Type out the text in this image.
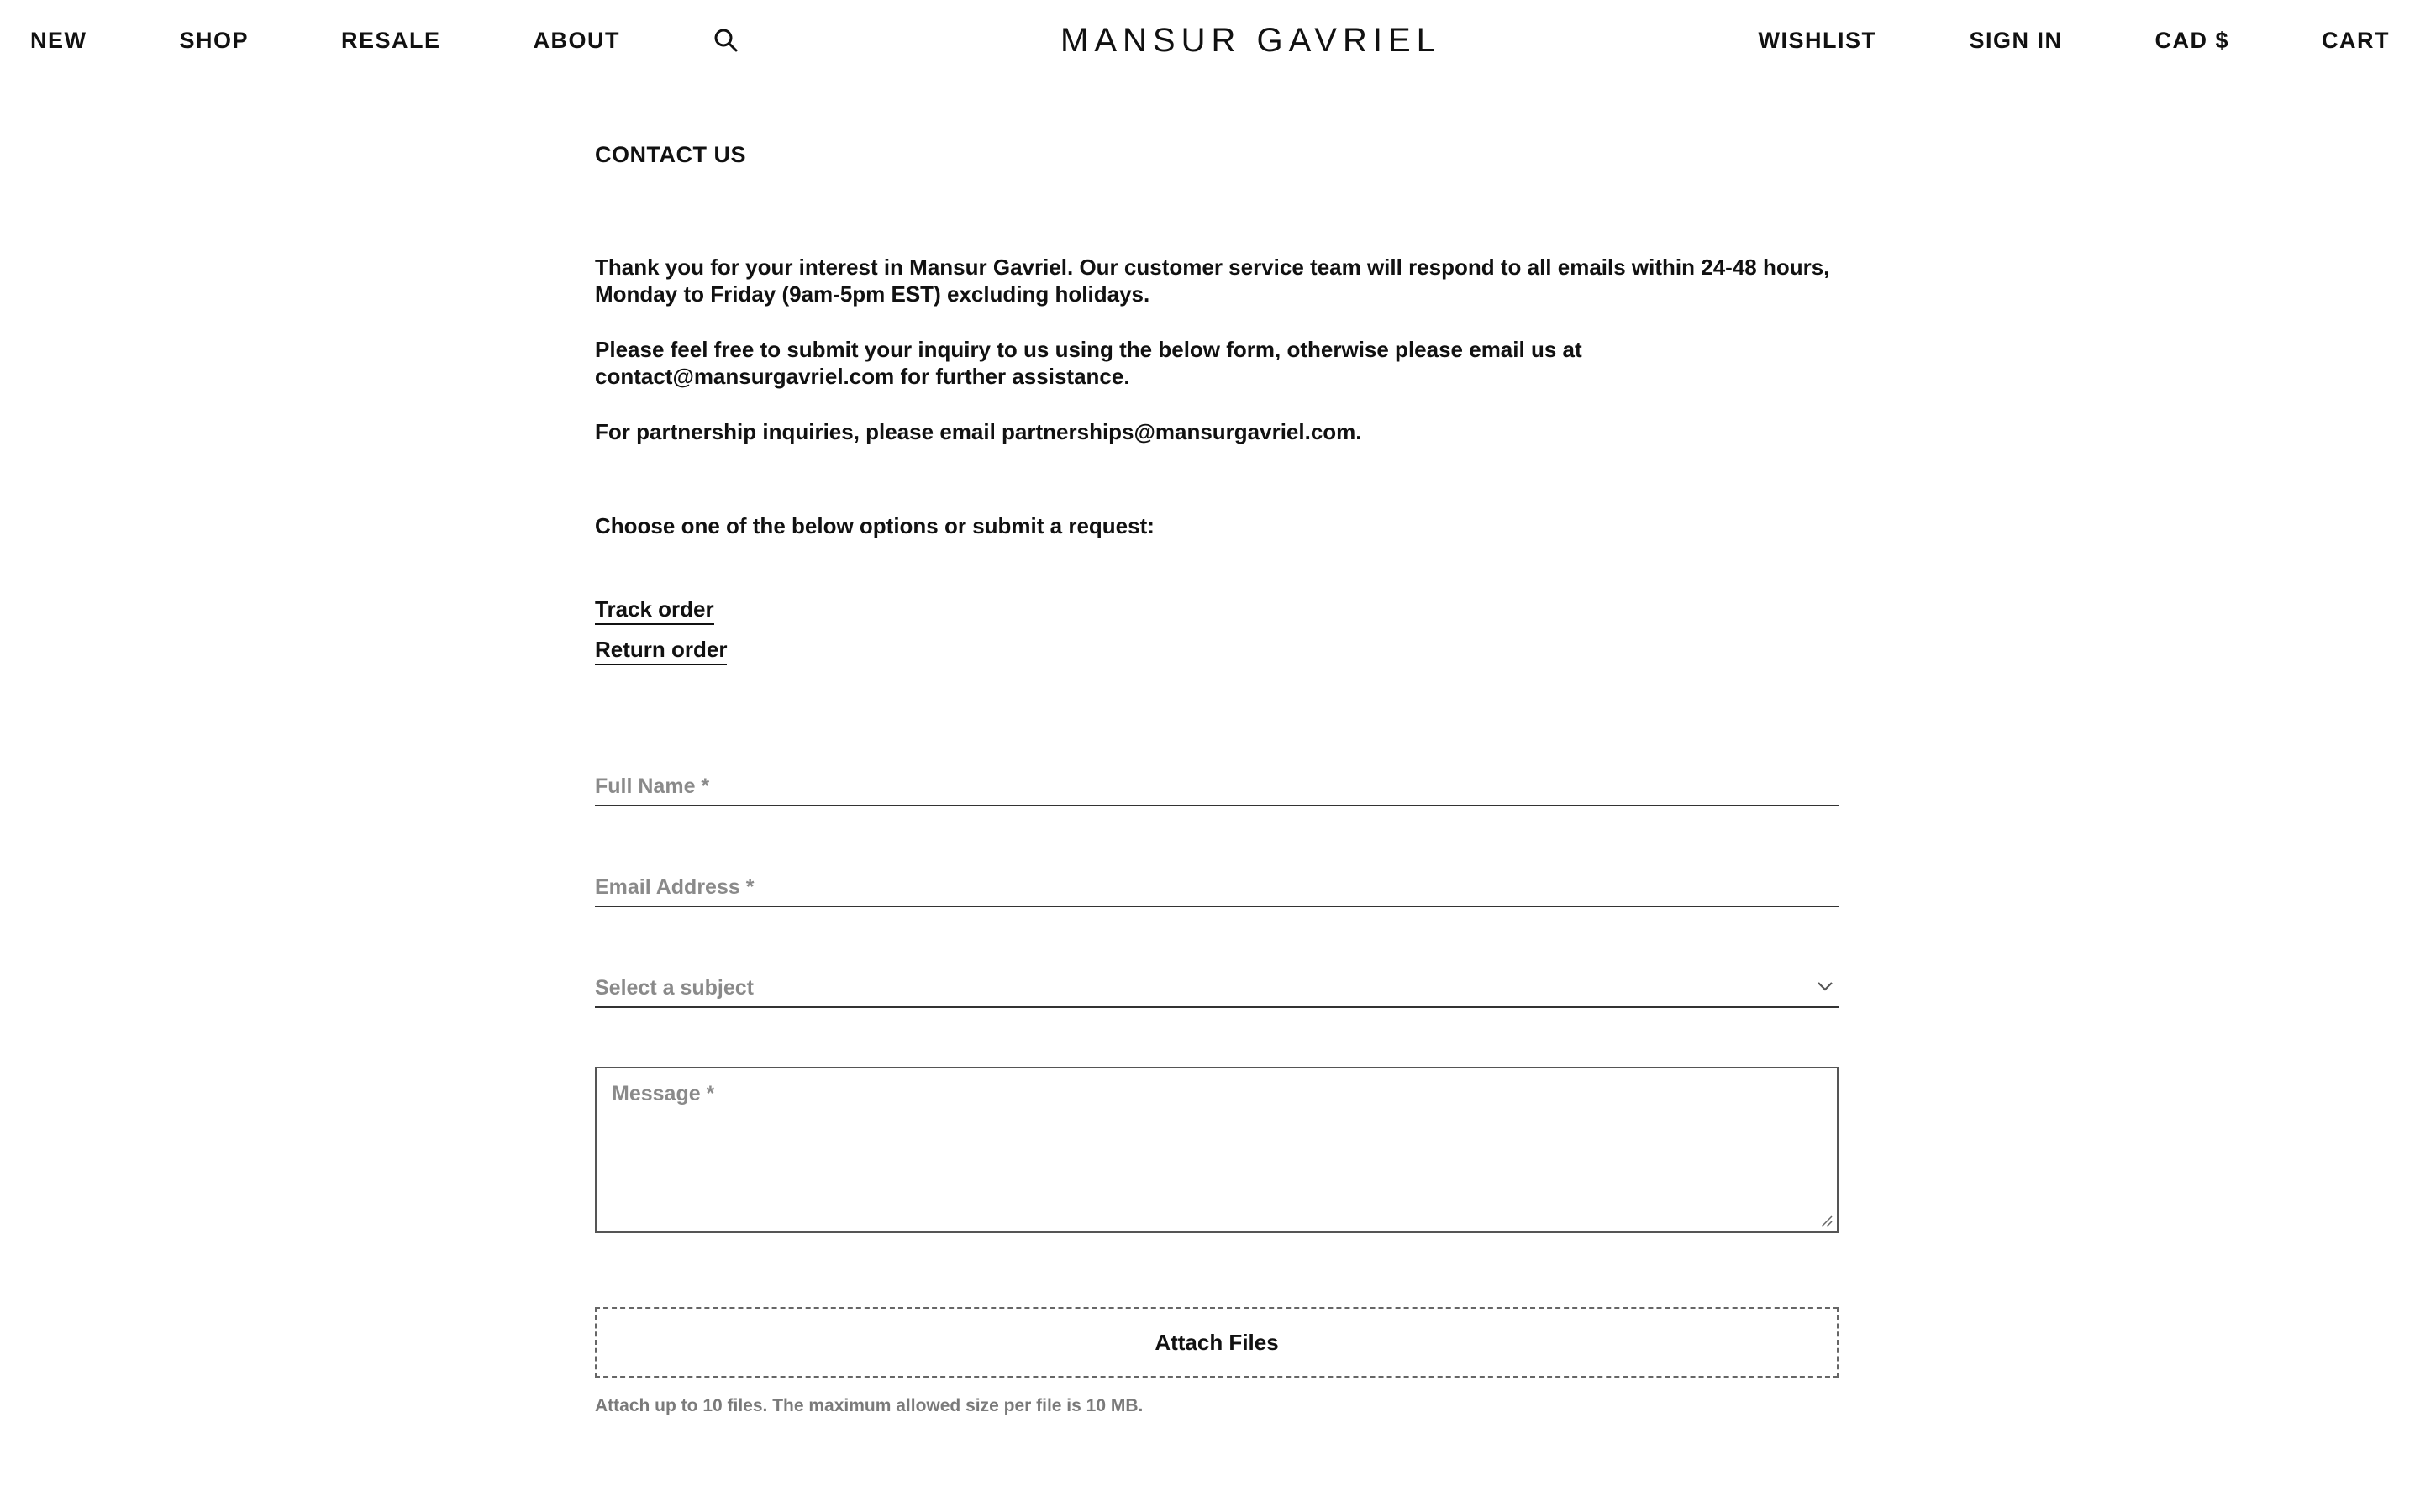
NEW	SHOP	RESALE	ABOUT	MANSUR GAVRIEL	WISHLIST	SIGN IN	CAD $	CART
CONTACT US

Thank you for your interest in Mansur Gavriel. Our customer service team will respond to all emails within 24-48 hours, Monday to Friday (9am-5pm EST) excluding holidays.

Please feel free to submit your inquiry to us using the below form, otherwise please email us at contact@mansurgavriel.com for further assistance.

For partnership inquiries, please email partnerships@mansurgavriel.com.

Choose one of the below options or submit a request:

Track order
Return order
Full Name *
Email Address *
Select a subject
Message *
Attach Files
Attach up to 10 files. The maximum allowed size per file is 10 MB.
